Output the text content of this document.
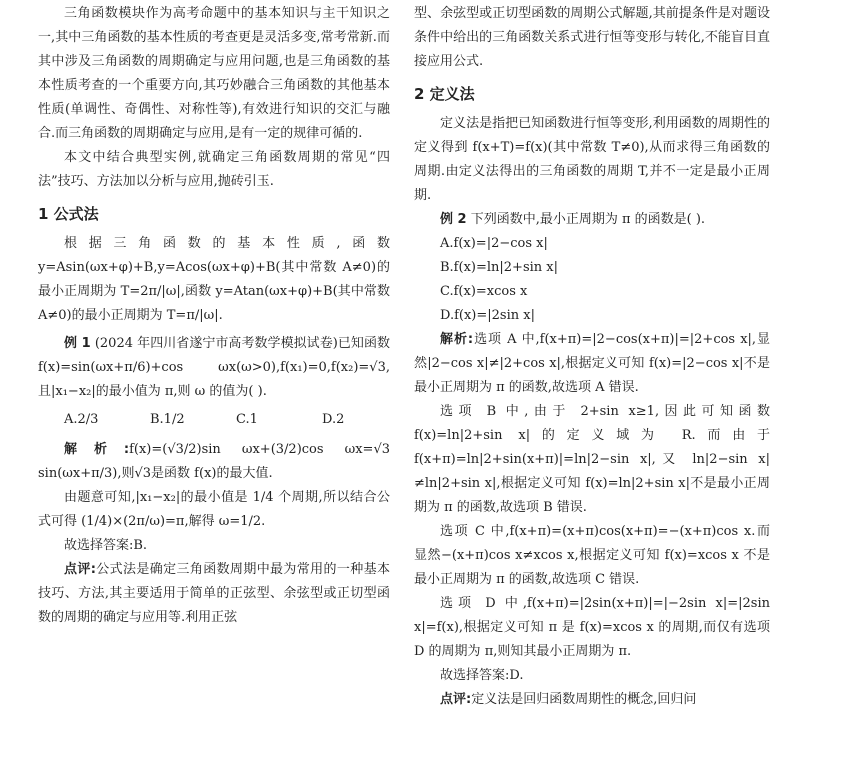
三角函数模块作为高考命题中的基本知识与主干知识之一,其中三角函数的基本性质的考查更是灵活多变,常考常新.而其中涉及三角函数的周期确定与应用问题,也是三角函数的基本性质考查的一个重要方向,其巧妙融合三角函数的其他基本性质(单调性、奇偶性、对称性等),有效进行知识的交汇与融合.而三角函数的周期确定与应用,是有一定的规律可循的.

本文中结合典型实例,就确定三角函数周期的常见“四法”技巧、方法加以分析与应用,抛砖引玉.

1 公式法

根据三角函数的基本性质,函数 y=Asin(ωx+φ)+B,y=Acos(ωx+φ)+B(其中常数 A≠0)的最小正周期为 T=2π/|ω|,函数 y=Atan(ωx+φ)+B(其中常数 A≠0)的最小正周期为 T=π/|ω|.

例 1 (2024 年四川省遂宁市高考数学模拟试卷)已知函数 f(x)=sin(ωx+π/6)+cos ωx(ω>0),f(x₁)=0,f(x₂)=√3,且|x₁−x₂|的最小值为 π,则 ω 的值为( ).

A.2/3	B.1/2	C.1	D.2

解析:f(x)=(√3/2)sin ωx+(3/2)cos ωx=√3 sin(ωx+π/3),则√3是函数 f(x)的最大值.

由题意可知,|x₁−x₂|的最小值是 1/4 个周期,所以结合公式可得 (1/4)×(2π/ω)=π,解得 ω=1/2.

故选择答案:B.

点评:公式法是确定三角函数周期中最为常用的一种基本技巧、方法,其主要适用于简单的正弦型、余弦型或正切型函数的周期的确定与应用等.利用正弦

型、余弦型或正切型函数的周期公式解题,其前提条件是对题设条件中给出的三角函数关系式进行恒等变形与转化,不能盲目直接应用公式.

2 定义法

定义法是指把已知函数进行恒等变形,利用函数的周期性的定义得到 f(x+T)=f(x)(其中常数 T≠0),从而求得三角函数的周期.由定义法得出的三角函数的周期 T,并不一定是最小正周期.

例 2 下列函数中,最小正周期为 π 的函数是( ).

A.f(x)=|2−cos x|
B.f(x)=ln|2+sin x|
C.f(x)=xcos x
D.f(x)=|2sin x|

解析:选项 A 中,f(x+π)=|2−cos(x+π)|=|2+cos x|,显然|2−cos x|≠|2+cos x|,根据定义可知 f(x)=|2−cos x|不是最小正周期为 π 的函数,故选项 A 错误.

选项 B 中,由于 2+sin x≥1,因此可知函数 f(x)=ln|2+sin x|的定义域为 R.而由于 f(x+π)=ln|2+sin(x+π)|=ln|2−sin x|,又 ln|2−sin x|≠ln|2+sin x|,根据定义可知 f(x)=ln|2+sin x|不是最小正周期为 π 的函数,故选项 B 错误.

选项 C 中,f(x+π)=(x+π)cos(x+π)=−(x+π)cos x.而显然−(x+π)cos x≠xcos x,根据定义可知 f(x)=xcos x 不是最小正周期为 π 的函数,故选项 C 错误.

选项 D 中,f(x+π)=|2sin(x+π)|=|−2sin x|=|2sin x|=f(x),根据定义可知 π 是 f(x)=xcos x 的周期,而仅有选项 D 的周期为 π,则知其最小正周期为 π.

故选择答案:D.

点评:定义法是回归函数周期性的概念,回归问
